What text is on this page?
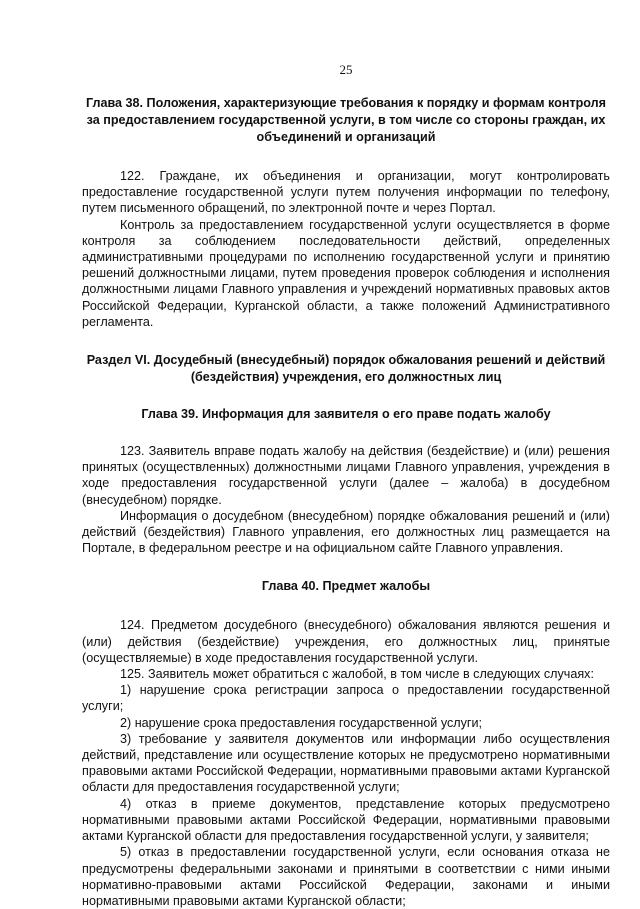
25
Глава 38. Положения, характеризующие требования к порядку и формам контроля за предоставлением государственной услуги, в том числе со стороны граждан, их объединений и организаций

122. Граждане, их объединения и организации, могут контролировать предоставление государственной услуги путем получения информации по телефону, путем письменного обращений, по электронной почте и через Портал.

Контроль за предоставлением государственной услуги осуществляется в форме контроля за соблюдением последовательности действий, определенных административными процедурами по исполнению государственной услуги и принятию решений должностными лицами, путем проведения проверок соблюдения и исполнения должностными лицами Главного управления и учреждений нормативных правовых актов Российской Федерации, Курганской области, а также положений Административного регламента.

Раздел VI. Досудебный (внесудебный) порядок обжалования решений и действий (бездействия) учреждения, его должностных лиц
Глава 39. Информация для заявителя о его праве подать жалобу

123. Заявитель вправе подать жалобу на действия (бездействие) и (или) решения принятых (осуществленных) должностными лицами Главного управления, учреждения в ходе предоставления государственной услуги (далее – жалоба) в досудебном (внесудебном) порядке.

Информация о досудебном (внесудебном) порядке обжалования решений и (или) действий (бездействия) Главного управления, его должностных лиц размещается на Портале, в федеральном реестре и на официальном сайте Главного управления.

Глава 40. Предмет жалобы

124. Предметом досудебного (внесудебного) обжалования являются решения и (или) действия (бездействие) учреждения, его должностных лиц, принятые (осуществляемые) в ходе предоставления государственной услуги.

125. Заявитель может обратиться с жалобой, в том числе в следующих случаях:

1) нарушение срока регистрации запроса о предоставлении государственной услуги;

2) нарушение срока предоставления государственной услуги;

3) требование у заявителя документов или информации либо осуществления действий, представление или осуществление которых не предусмотрено нормативными правовыми актами Российской Федерации, нормативными правовыми актами Курганской области для предоставления государственной услуги;

4) отказ в приеме документов, представление которых предусмотрено нормативными правовыми актами Российской Федерации, нормативными правовыми актами Курганской области для предоставления государственной услуги, у заявителя;

5) отказ в предоставлении государственной услуги, если основания отказа не предусмотрены федеральными законами и принятыми в соответствии с ними иными нормативно-правовыми актами Российской Федерации, законами и иными нормативными правовыми актами Курганской области;
